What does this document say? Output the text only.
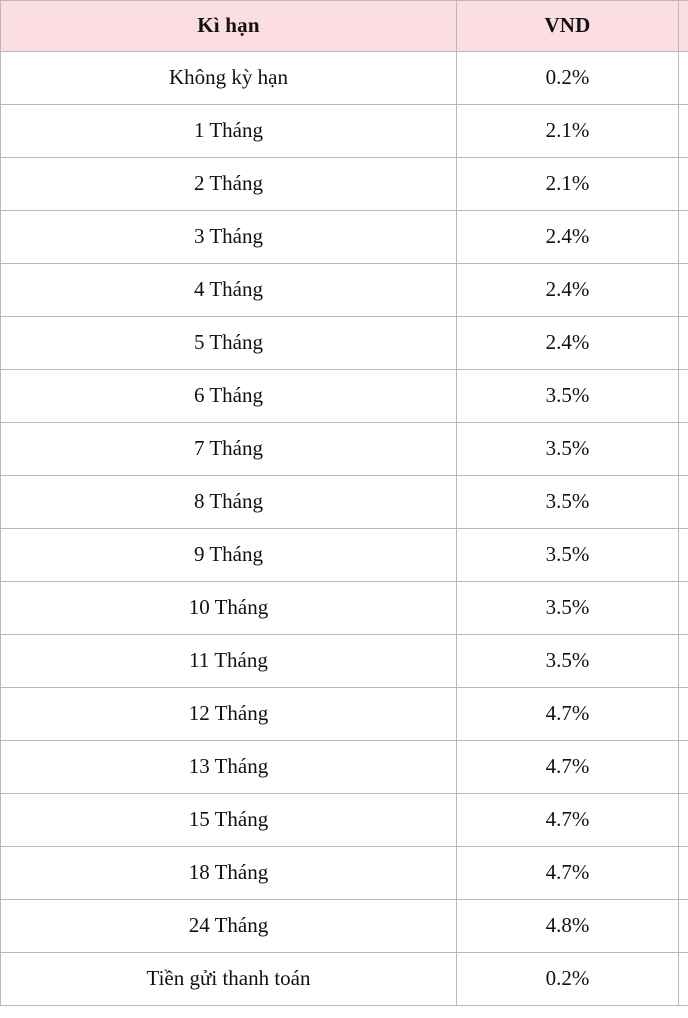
Kì hạn	VND	
Không kỳ hạn	0.2%	
1 Tháng	2.1%	
2 Tháng	2.1%	
3 Tháng	2.4%	
4 Tháng	2.4%	
5 Tháng	2.4%	
6 Tháng	3.5%	
7 Tháng	3.5%	
8 Tháng	3.5%	
9 Tháng	3.5%	
10 Tháng	3.5%	
11 Tháng	3.5%	
12 Tháng	4.7%	
13 Tháng	4.7%	
15 Tháng	4.7%	
18 Tháng	4.7%	
24 Tháng	4.8%	
Tiền gửi thanh toán	0.2%	
